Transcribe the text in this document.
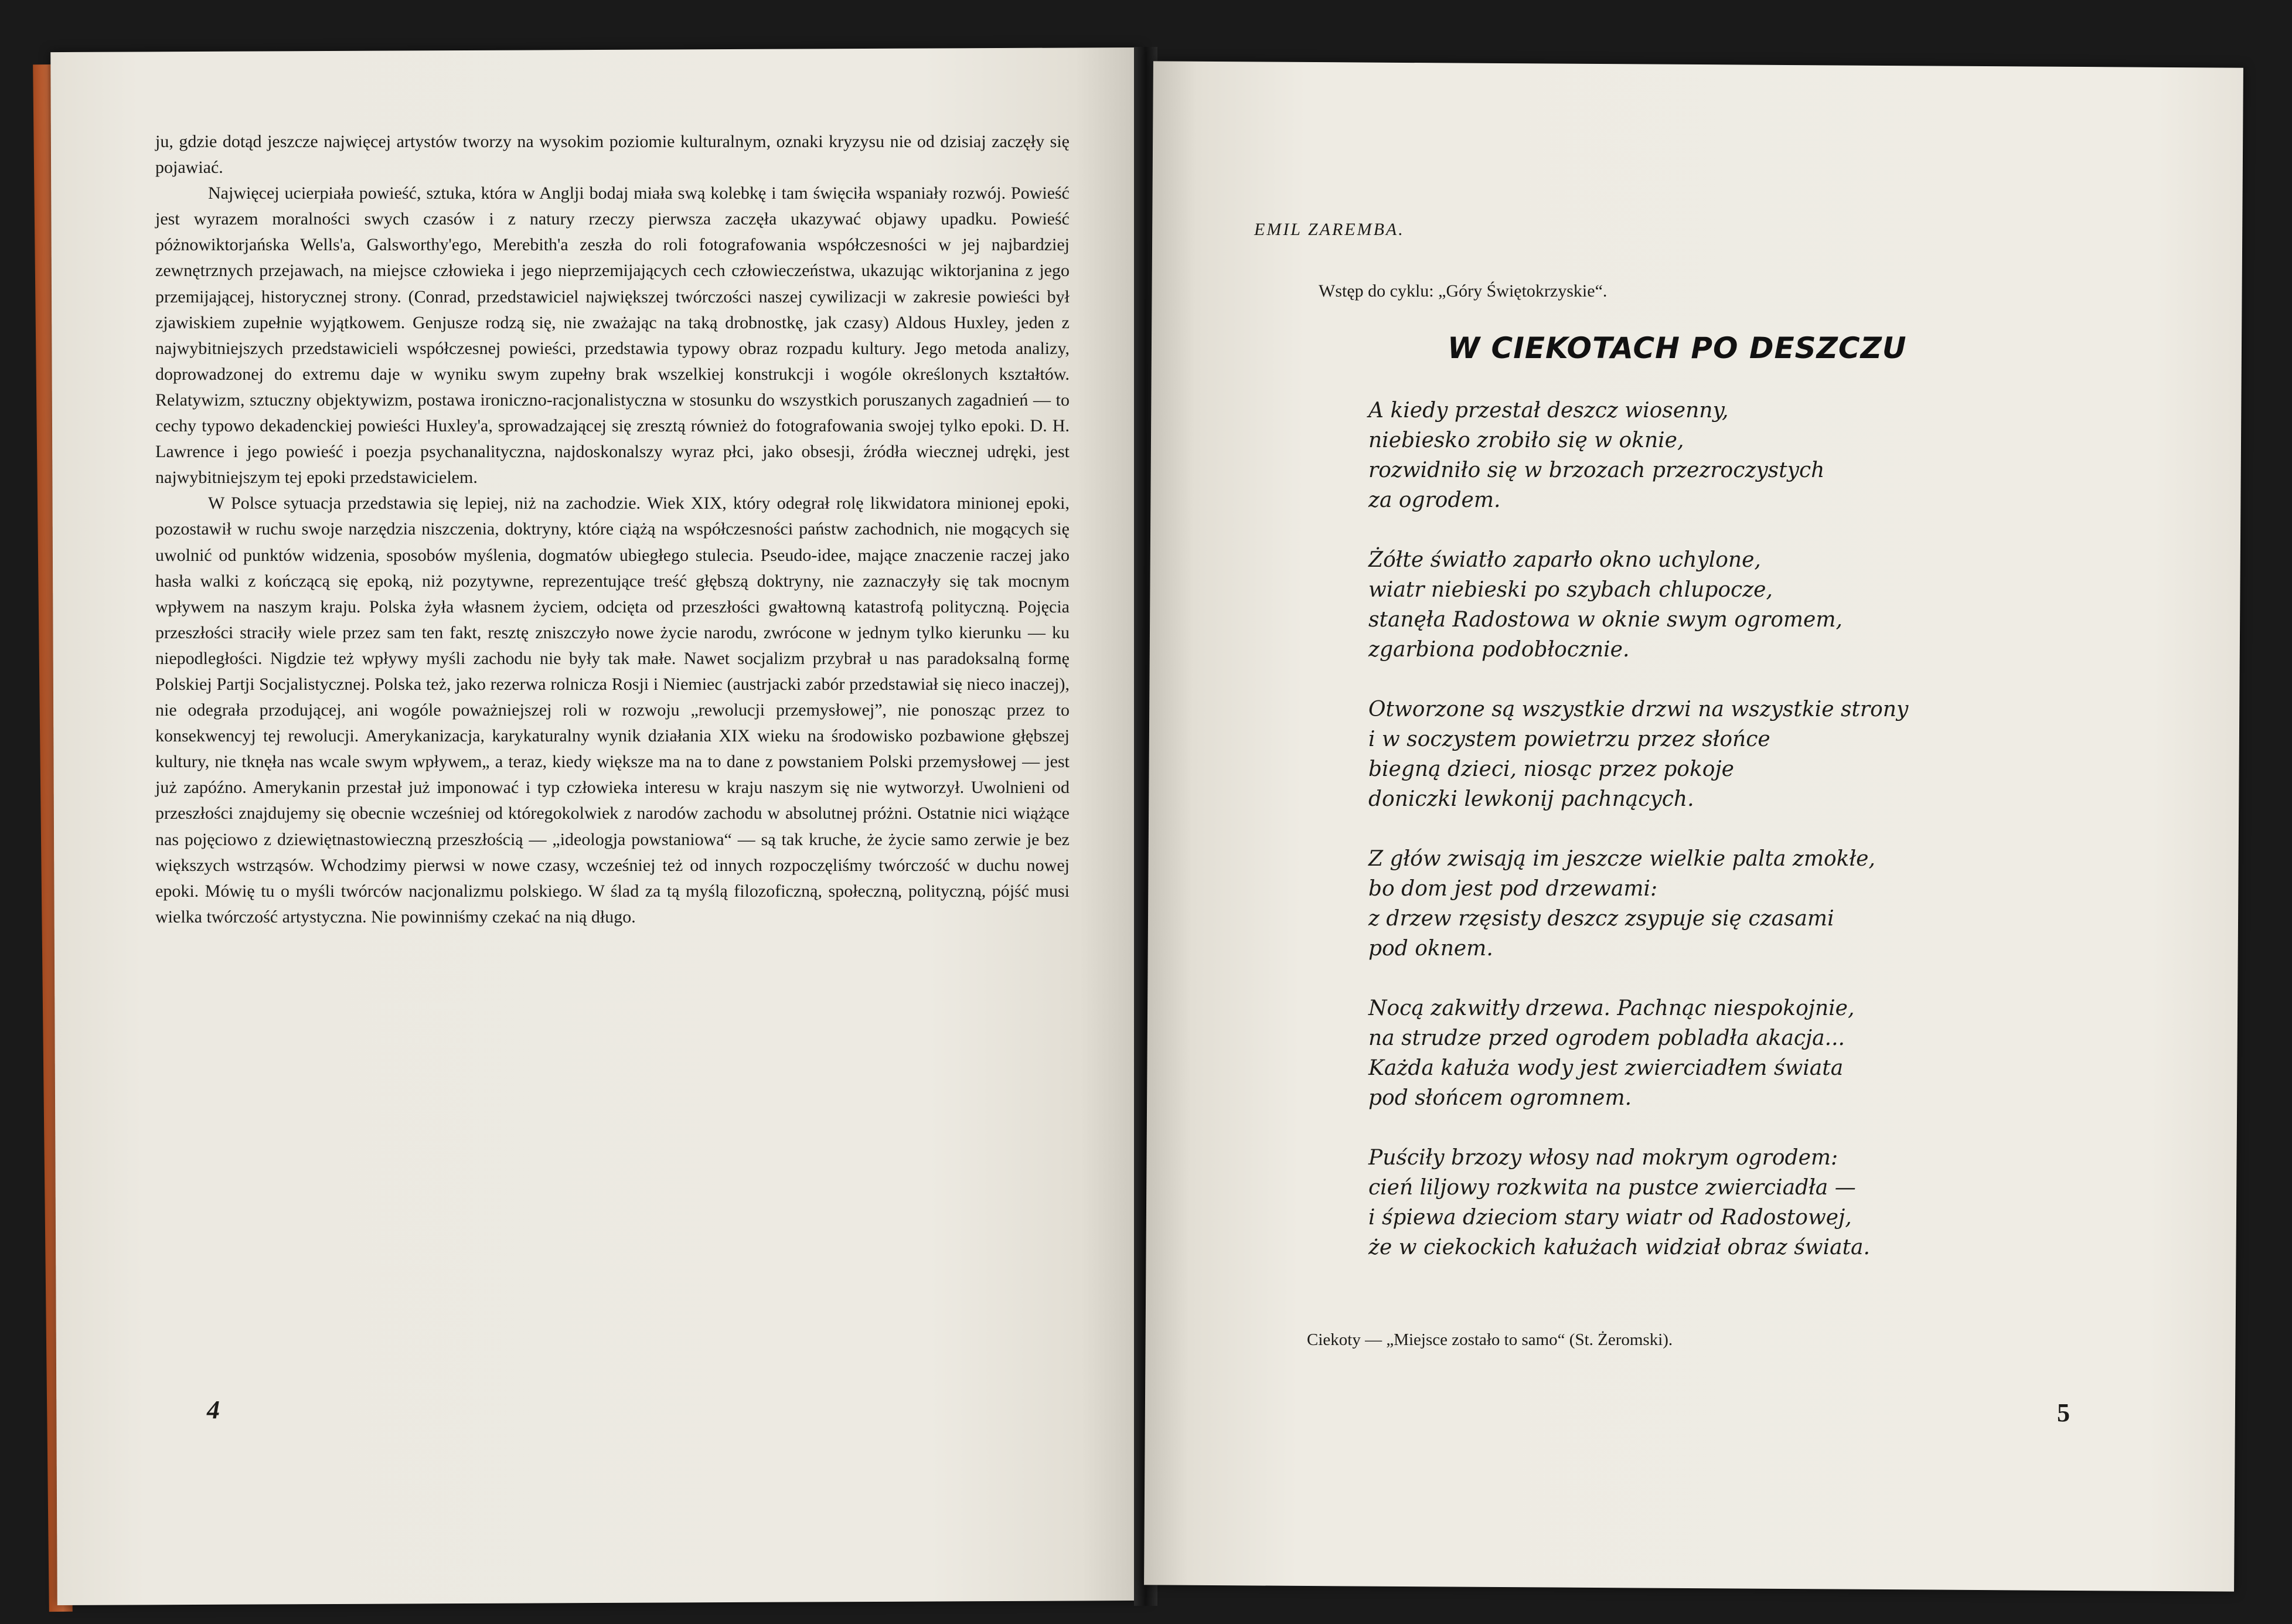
ju, gdzie dotąd jeszcze najwięcej artystów tworzy na wysokim poziomie kulturalnym, oznaki kryzysu nie od dzisiaj zaczęły się pojawiać.

Najwięcej ucierpiała powieść, sztuka, która w Anglji bodaj miała swą kolebkę i tam święciła wspaniały rozwój. Powieść jest wyrazem moralności swych czasów i z natury rzeczy pierwsza zaczęła ukazywać objawy upadku. Powieść póżnowiktorjańska Wells'a, Galsworthy'ego, Merebith'a zeszła do roli fotografowania współczesności w jej najbardziej zewnętrznych przejawach, na miejsce człowieka i jego nieprzemijających cech człowieczeństwa, ukazując wiktorjanina z jego przemijającej, historycznej strony. (Conrad, przedstawiciel największej twórczości naszej cywilizacji w zakresie powieści był zjawiskiem zupełnie wyjątkowem. Genjusze rodzą się, nie zważając na taką drobnostkę, jak czasy) Aldous Huxley, jeden z najwybitniejszych przedstawicieli współczesnej powieści, przedstawia typowy obraz rozpadu kultury. Jego metoda analizy, doprowadzonej do extremu daje w wyniku swym zupełny brak wszelkiej konstrukcji i wogóle określonych kształtów. Relatywizm, sztuczny objektywizm, postawa ironiczno-racjonalistyczna w stosunku do wszystkich poruszanych zagadnień — to cechy typowo dekadenckiej powieści Huxley'a, sprowadzającej się zresztą również do fotografowania swojej tylko epoki. D. H. Lawrence i jego powieść i poezja psychanalityczna, najdoskonalszy wyraz płci, jako obsesji, źródła wiecznej udręki, jest najwybitniejszym tej epoki przedstawicielem.

W Polsce sytuacja przedstawia się lepiej, niż na zachodzie. Wiek XIX, który odegrał rolę likwidatora minionej epoki, pozostawił w ruchu swoje narzędzia niszczenia, doktryny, które ciążą na współczesności państw zachodnich, nie mogących się uwolnić od punktów widzenia, sposobów myślenia, dogmatów ubiegłego stulecia. Pseudo-idee, mające znaczenie raczej jako hasła walki z kończącą się epoką, niż pozytywne, reprezentujące treść głębszą doktryny, nie zaznaczyły się tak mocnym wpływem na naszym kraju. Polska żyła własnem życiem, odcięta od przeszłości gwałtowną katastrofą polityczną. Pojęcia przeszłości straciły wiele przez sam ten fakt, resztę zniszczyło nowe życie narodu, zwrócone w jednym tylko kierunku — ku niepodległości. Nigdzie też wpływy myśli zachodu nie były tak małe. Nawet socjalizm przybrał u nas paradoksalną formę Polskiej Partji Socjalistycznej. Polska też, jako rezerwa rolnicza Rosji i Niemiec (austrjacki zabór przedstawiał się nieco inaczej), nie odegrała przodującej, ani wogóle poważniejszej roli w rozwoju „rewolucji przemysłowej”, nie ponosząc przez to konsekwencyj tej rewolucji. Amerykanizacja, karykaturalny wynik działania XIX wieku na środowisko pozbawione głębszej kultury, nie tknęła nas wcale swym wpływem„ a teraz, kiedy większe ma na to dane z powstaniem Polski przemysłowej — jest już zapóźno. Amerykanin przestał już imponować i typ człowieka interesu w kraju naszym się nie wytworzył. Uwolnieni od przeszłości znajdujemy się obecnie wcześniej od któregokolwiek z narodów zachodu w absolutnej próżni. Ostatnie nici wiążące nas pojęciowo z dziewiętnastowieczną przeszłością — „ideologja powstaniowa“ — są tak kruche, że życie samo zerwie je bez większych wstrząsów. Wchodzimy pierwsi w nowe czasy, wcześniej też od innych rozpoczęliśmy twórczość w duchu nowej epoki. Mówię tu o myśli twórców nacjonalizmu polskiego. W ślad za tą myślą filozoficzną, społeczną, polityczną, pójść musi wielka twórczość artystyczna. Nie powinniśmy czekać na nią długo.

4
EMIL ZAREMBA.
Wstęp do cyklu: „Góry Świętokrzyskie“.
W CIEKOTACH PO DESZCZU
A kiedy przestał deszcz wiosenny,
niebiesko zrobiło się w oknie,
rozwidniło się w brzozach przezroczystych
za ogrodem.
Żółte światło zaparło okno uchylone,
wiatr niebieski po szybach chlupocze,
stanęła Radostowa w oknie swym ogromem,
zgarbiona podobłocznie.
Otworzone są wszystkie drzwi na wszystkie strony
i w soczystem powietrzu przez słońce
biegną dzieci, niosąc przez pokoje
doniczki lewkonij pachnących.
Z głów zwisają im jeszcze wielkie palta zmokłe,
bo dom jest pod drzewami:
z drzew rzęsisty deszcz zsypuje się czasami
pod oknem.
Nocą zakwitły drzewa. Pachnąc niespokojnie,
na strudze przed ogrodem pobladła akacja...
Każda kałuża wody jest zwierciadłem świata
pod słońcem ogromnem.
Puściły brzozy włosy nad mokrym ogrodem:
cień liljowy rozkwita na pustce zwierciadła —
i śpiewa dzieciom stary wiatr od Radostowej,
że w ciekockich kałużach widział obraz świata.
Ciekoty — „Miejsce zostało to samo“ (St. Żeromski).
5
